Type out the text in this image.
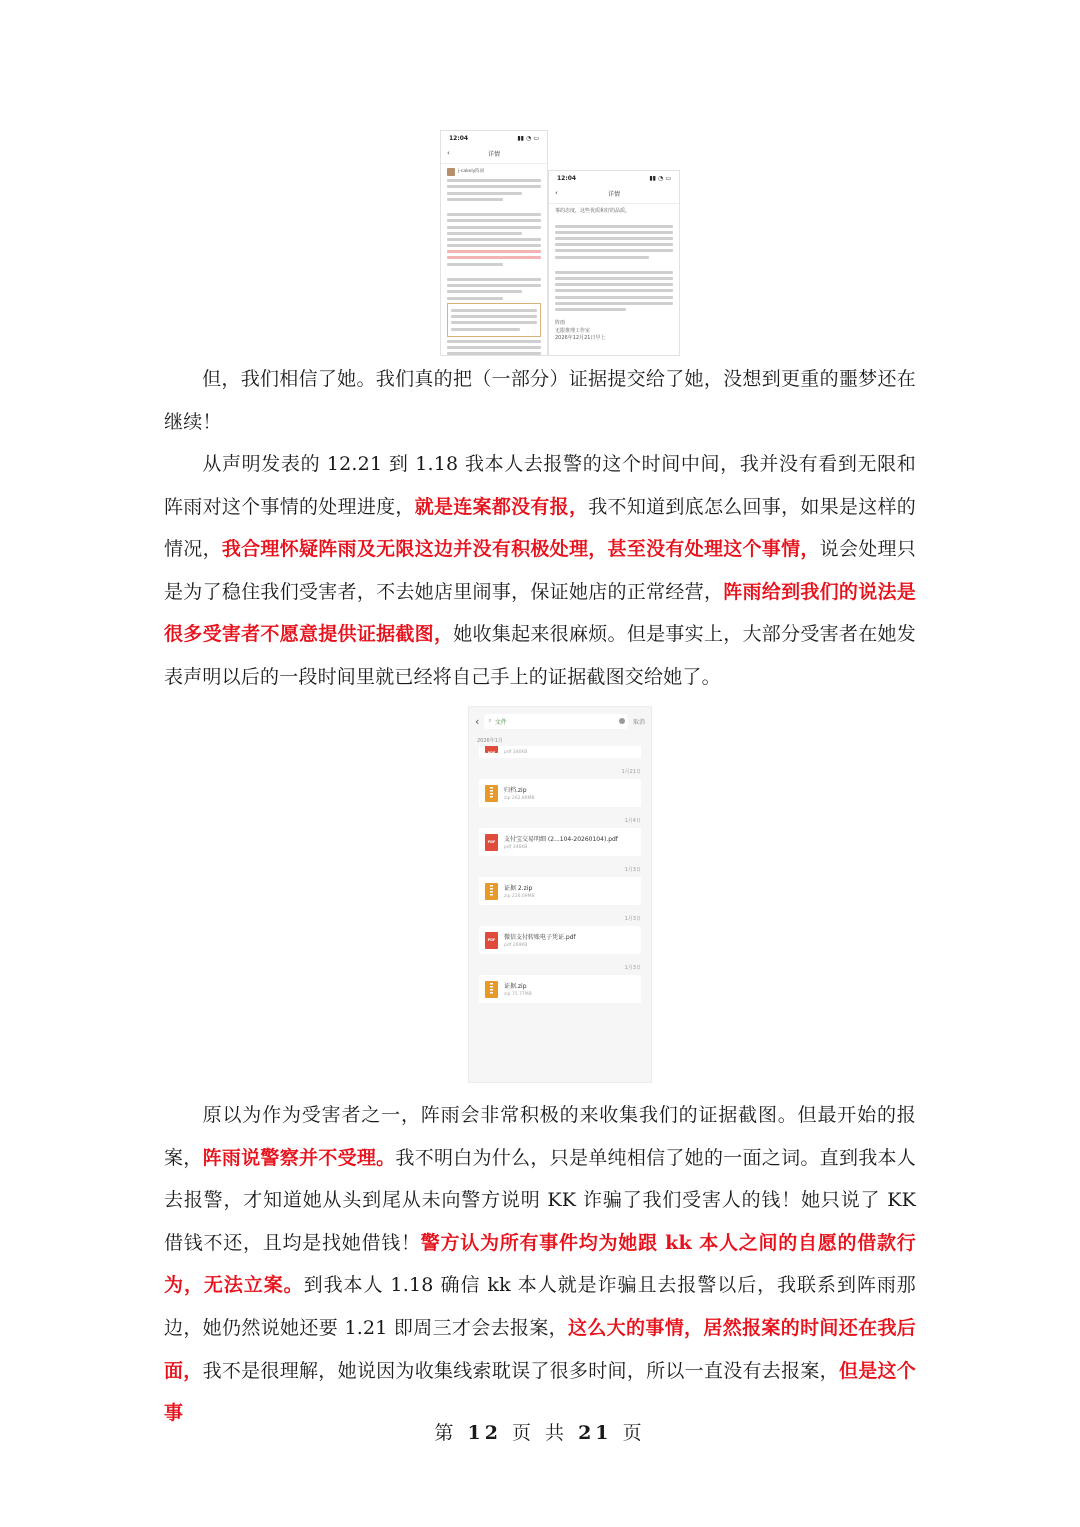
12:04	▮▮ ◔ ▭
‹	详情
j-cakely阵雨
12:04	▮▮ ◔ ▭
‹	详情
事的态度，这些优质和好的品质。
阵雨
无限推理工作室
2026年12月21日早上
但，我们相信了她。我们真的把（一部分）证据提交给了她，没想到更重的噩梦还在继续！
从声明发表的 12.21 到 1.18 我本人去报警的这个时间中间，我并没有看到无限和阵雨对这个事情的处理进度，就是连案都没有报，我不知道到底怎么回事，如果是这样的情况，我合理怀疑阵雨及无限这边并没有积极处理，甚至没有处理这个事情，说会处理只是为了稳住我们受害者，不去她店里闹事，保证她店的正常经营，阵雨给到我们的说法是很多受害者不愿意提供证据截图，她收集起来很麻烦。但是事实上，大部分受害者在她发表声明以后的一段时间里就已经将自己手上的证据截图交给她了。
‹ ⌕ 文件	取消
2026年1月
PDF
pdf 346KB
1月21日
归档.zip
zip 262.89MB
1月4日
PDF
支付宝交易明细 (2...104-20260104).pdf
pdf 346KB
1月3日
证据 2.zip
zip 226.09MB
1月3日
PDF
微信支付转账电子凭证.pdf
pdf 269KB
1月3日
证据.zip
zip 75.77MB
原以为作为受害者之一，阵雨会非常积极的来收集我们的证据截图。但最开始的报案，阵雨说警察并不受理。我不明白为什么，只是单纯相信了她的一面之词。直到我本人去报警，才知道她从头到尾从未向警方说明 KK 诈骗了我们受害人的钱！她只说了 KK 借钱不还，且均是找她借钱！警方认为所有事件均为她跟 kk 本人之间的自愿的借款行为，无法立案。到我本人 1.18 确信 kk 本人就是诈骗且去报警以后，我联系到阵雨那边，她仍然说她还要 1.21 即周三才会去报案，这么大的事情，居然报案的时间还在我后面，我不是很理解，她说因为收集线索耽误了很多时间，所以一直没有去报案，但是这个事
第 12 页 共 21 页
